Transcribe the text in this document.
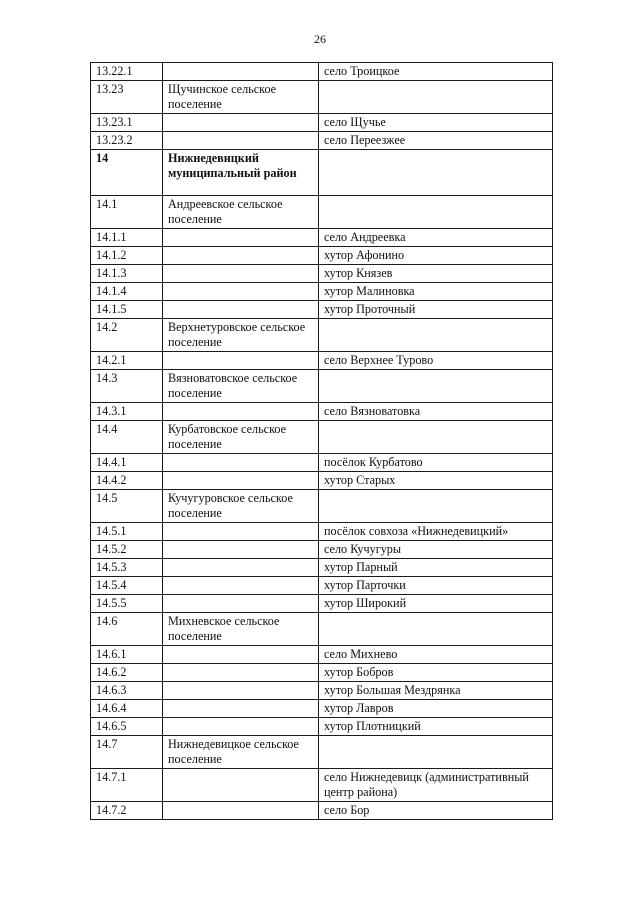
26
13.22.1		село Троицкое
13.23	Щучинское сельское поселение	
13.23.1		село Щучье
13.23.2		село Переезжее
14	Нижнедевицкий муниципальный район	
14.1	Андреевское сельское поселение	
14.1.1		село Андреевка
14.1.2		хутор Афонино
14.1.3		хутор Князев
14.1.4		хутор Малиновка
14.1.5		хутор Проточный
14.2	Верхнетуровское сельское поселение	
14.2.1		село Верхнее Турово
14.3	Вязноватовское сельское поселение	
14.3.1		село Вязноватовка
14.4	Курбатовское сельское поселение	
14.4.1		посёлок Курбатово
14.4.2		хутор Старых
14.5	Кучугуровское сельское поселение	
14.5.1		посёлок совхоза «Нижнедевицкий»
14.5.2		село Кучугуры
14.5.3		хутор Парный
14.5.4		хутор Парточки
14.5.5		хутор Широкий
14.6	Михневское сельское поселение	
14.6.1		село Михнево
14.6.2		хутор Бобров
14.6.3		хутор Большая Мездрянка
14.6.4		хутор Лавров
14.6.5		хутор Плотницкий
14.7	Нижнедевицкое сельское поселение	
14.7.1		село Нижнедевицк (административный центр района)
14.7.2		село Бор
